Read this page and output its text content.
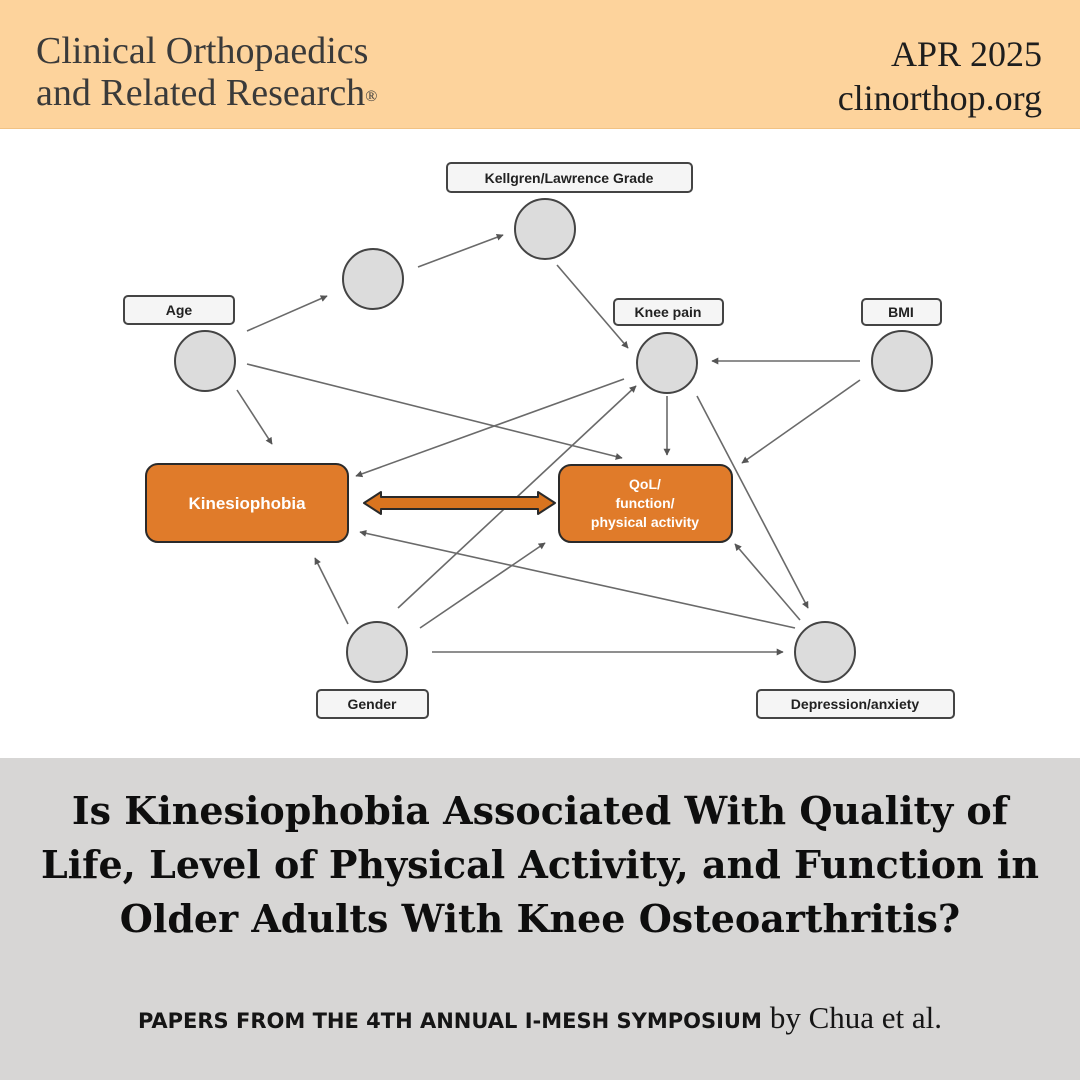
Clinical Orthopaedics
and Related Research®
APR 2025
clinorthop.org
Kinesiophobia
QoL/
function/
physical activity
Kellgren/Lawrence Grade
Age	Knee pain	BMI
Gender	Depression/anxiety
Is Kinesiophobia Associated With Quality of Life, Level of Physical Activity, and Function in Older Adults With Knee Osteoarthritis?
PAPERS FROM THE 4TH ANNUAL I-MESH SYMPOSIUM by Chua et al.
